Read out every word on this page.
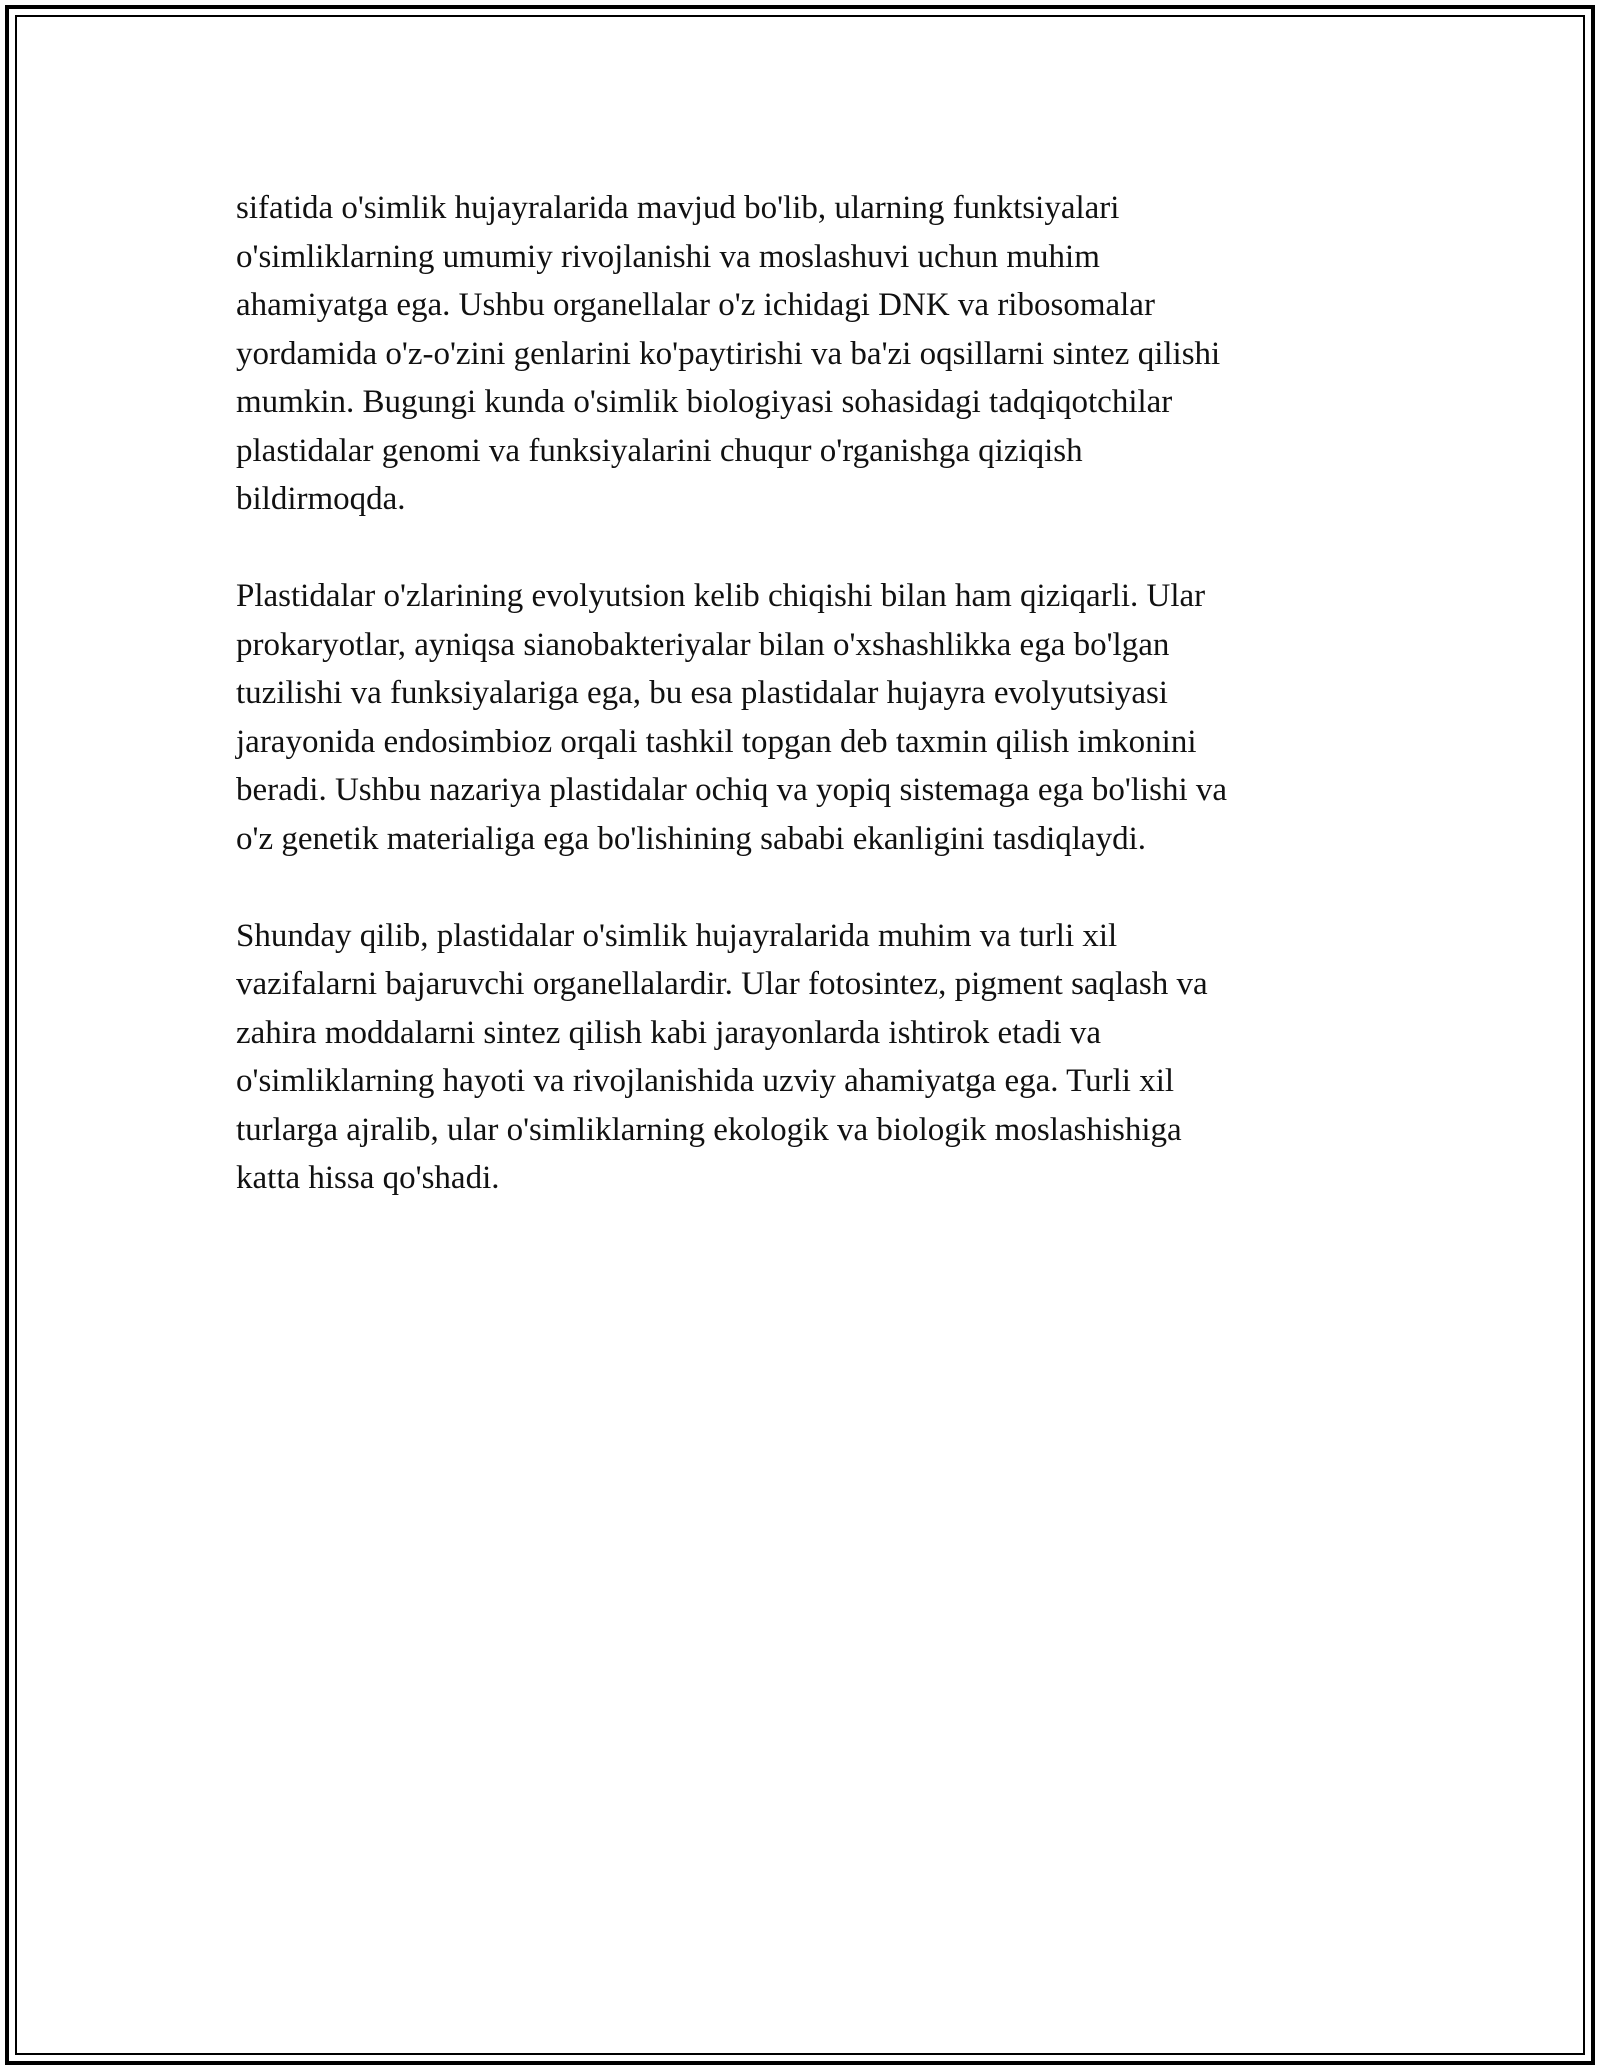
sifatida o'simlik hujayralarida mavjud bo'lib, ularning funktsiyalari
o'simliklarning umumiy rivojlanishi va moslashuvi uchun muhim
ahamiyatga ega. Ushbu organellalar o'z ichidagi DNK va ribosomalar
yordamida o'z-o'zini genlarini ko'paytirishi va ba'zi oqsillarni sintez qilishi
mumkin. Bugungi kunda o'simlik biologiyasi sohasidagi tadqiqotchilar
plastidalar genomi va funksiyalarini chuqur o'rganishga qiziqish
bildirmoqda.
Plastidalar o'zlarining evolyutsion kelib chiqishi bilan ham qiziqarli. Ular
prokaryotlar, ayniqsa sianobakteriyalar bilan o'xshashlikka ega bo'lgan
tuzilishi va funksiyalariga ega, bu esa plastidalar hujayra evolyutsiyasi
jarayonida endosimbioz orqali tashkil topgan deb taxmin qilish imkonini
beradi. Ushbu nazariya plastidalar ochiq va yopiq sistemaga ega bo'lishi va
o'z genetik materialiga ega bo'lishining sababi ekanligini tasdiqlaydi.
Shunday qilib, plastidalar o'simlik hujayralarida muhim va turli xil
vazifalarni bajaruvchi organellalardir. Ular fotosintez, pigment saqlash va
zahira moddalarni sintez qilish kabi jarayonlarda ishtirok etadi va
o'simliklarning hayoti va rivojlanishida uzviy ahamiyatga ega. Turli xil
turlarga ajralib, ular o'simliklarning ekologik va biologik moslashishiga
katta hissa qo'shadi.
